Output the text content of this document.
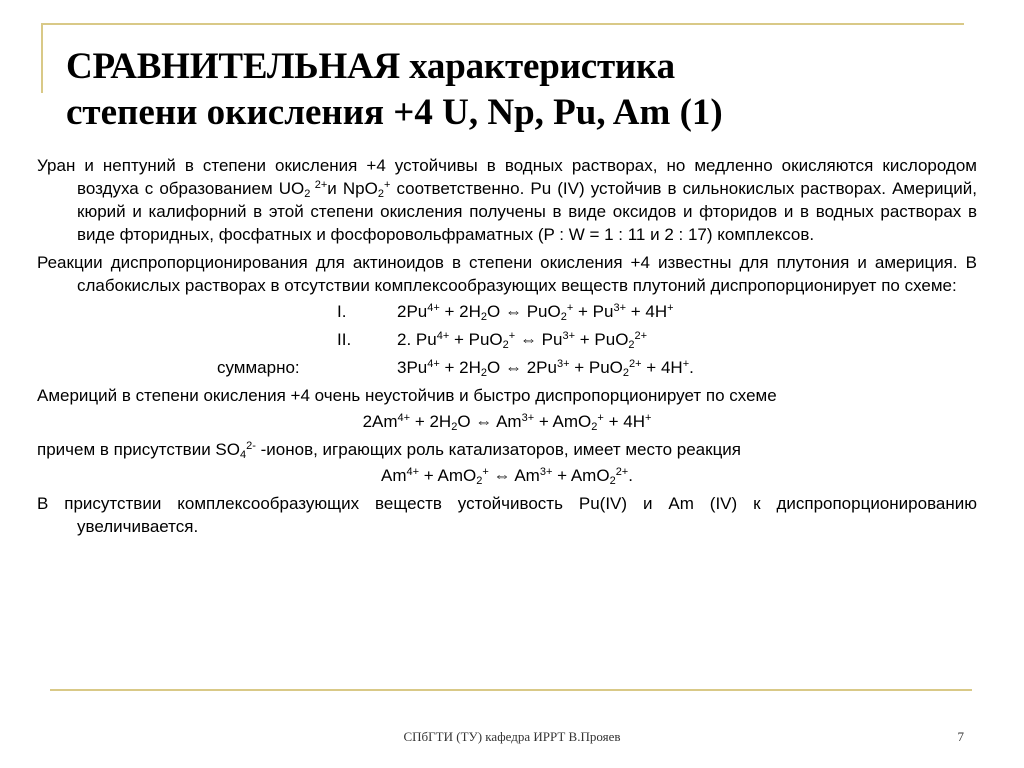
СРАВНИТЕЛЬНАЯ характеристика
степени окисления +4 U, Np, Pu, Am (1)

Уран и нептуний в степени окисления +4 устойчивы в водных растворах, но медленно окисляются кислородом воздуха с образованием $UO_2$ $^{2+}$и NpO$_2$+ соответственно. Pu (IV) устойчив в сильнокислых растворах. Америций, кюрий и калифорний в этой степени окисления получены в виде оксидов и фторидов и в водных растворах в виде фторидных, фосфатных и фосфоровольфраматных (P : W = 1 : 11 и 2 : 17) комплексов.

Реакции диспропорционирования для актиноидов в степени окисления +4 известны для плутония и америция. В слабокислых растворах в отсутствии комплексообразующих веществ плутоний диспропорционирует по схеме:

I.	$2Pu^{4+} + 2H_2O$ ⇔ $PuO_2^+ + Pu^{3+} + 4H^+$
II.	2. $Pu^{4+} + PuO_2^+$ ⇔ $Pu^{3+} + PuO_2^{2+}$
суммарно:	$3Pu^{4+} + 2H_2O$ ⇔ $2Pu^{3+} + PuO_2^{2+} + 4H^+$.

Америций в степени окисления +4 очень неустойчив и быстро диспропорционирует по схеме

$2Am^{4+} + 2H_2O$ ⇔ $Am^{3+} + AmO_2^+ + 4H^+$

причем в присутствии $SO_4^{2-}$ -ионов, играющих роль катализаторов, имеет место реакция

$Am^{4+} + AmO_2^+$ ⇔ $Am^{3+} + AmO_2^{2+}$.

В присутствии комплексообразующих веществ устойчивость Pu(IV) и Am (IV) к диспропорционированию увеличивается.

СПбГТИ (ТУ) кафедра ИРРТ В.Прояев	7
